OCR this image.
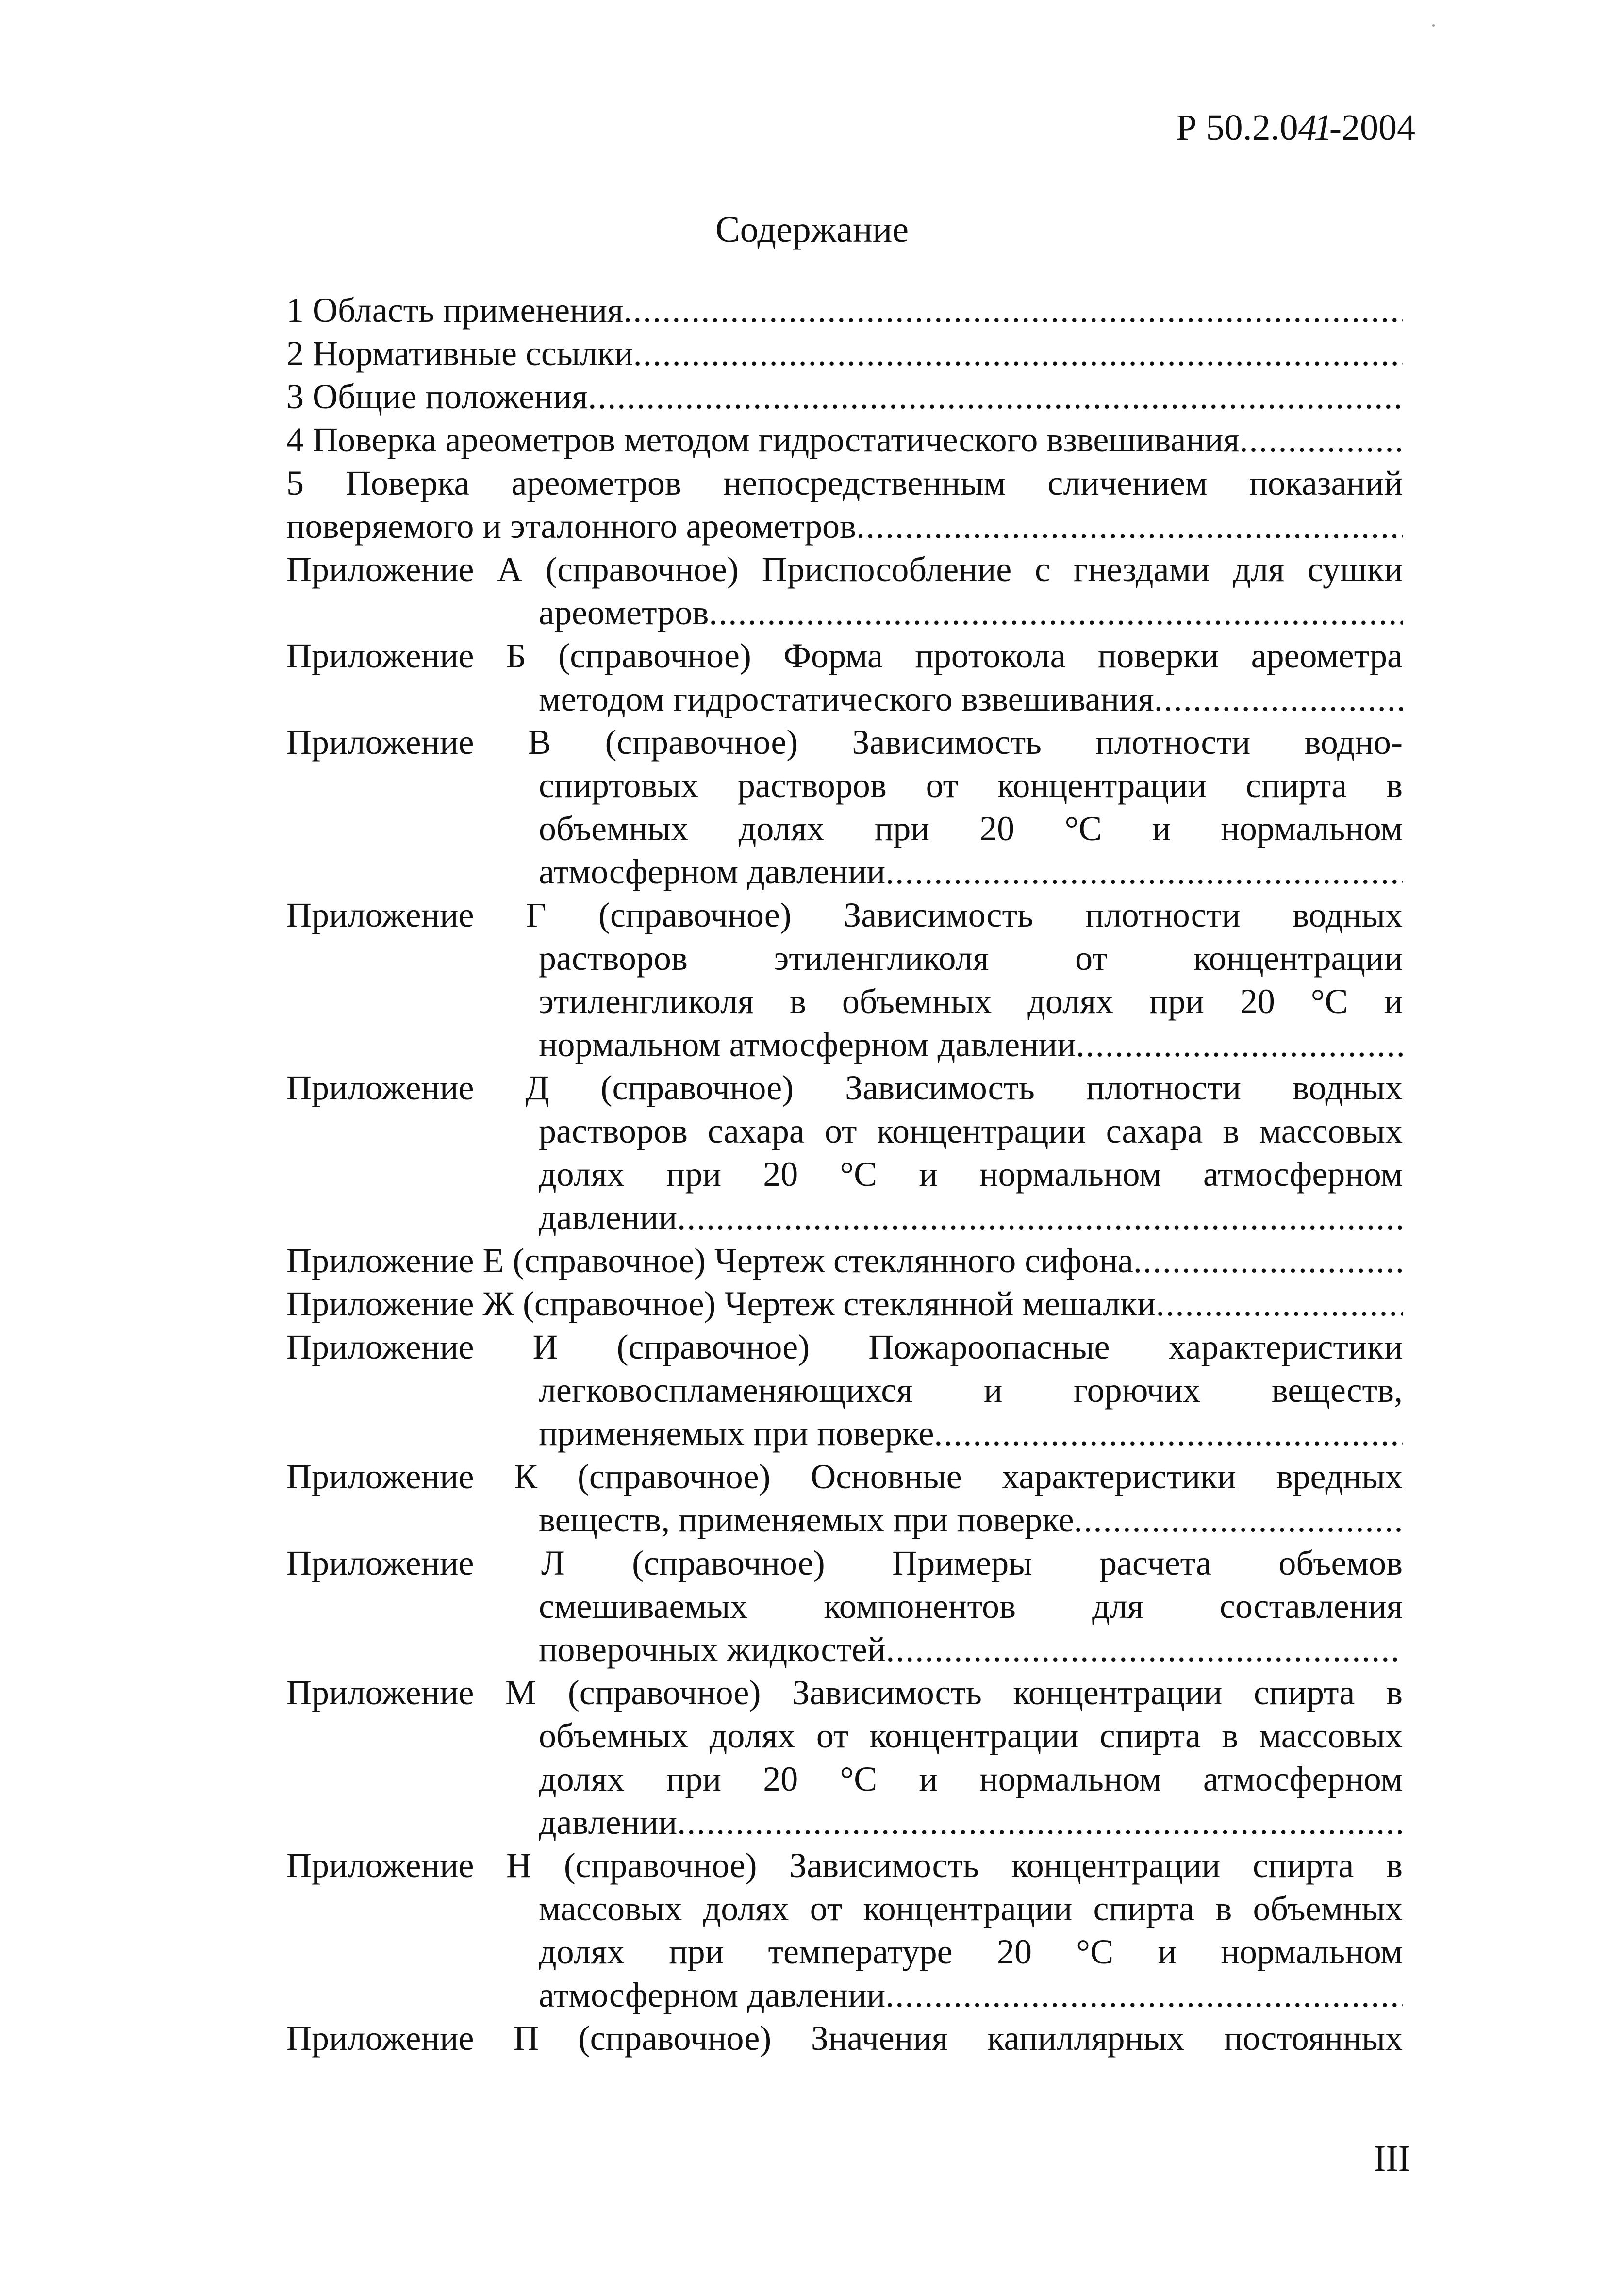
Р 50.2.041-2004
Содержание
1 Область применения
.....
2 Нормативные ссылки
.....
3 Общие положения
.....
4 Поверка ареометров методом гидростатического взвешивания
.....
5 Поверка ареометров непосредственным сличением показаний
поверяемого и эталонного ареометров
.....
Приложение А (справочное) Приспособление с гнездами для сушки
ареометров
.....
Приложение Б (справочное) Форма протокола поверки ареометра
методом гидростатического взвешивания
.....
Приложение В (справочное) Зависимость плотности водно-
спиртовых растворов от концентрации спирта в
объемных долях при 20 °С и нормальном
атмосферном давлении
.....
Приложение Г (справочное) Зависимость плотности водных
растворов этиленгликоля от концентрации
этиленгликоля в объемных долях при 20 °С и
нормальном атмосферном давлении
.....
Приложение Д (справочное) Зависимость плотности водных
растворов сахара от концентрации сахара в массовых
долях при 20 °С и нормальном атмосферном
давлении
.....
Приложение Е (справочное) Чертеж стеклянного сифона
.....
Приложение Ж (справочное) Чертеж стеклянной мешалки
.....
Приложение И (справочное) Пожароопасные характеристики
легковоспламеняющихся и горючих веществ,
применяемых при поверке
.....
Приложение К (справочное) Основные характеристики вредных
веществ, применяемых при поверке
.....
Приложение Л (справочное) Примеры расчета объемов
смешиваемых компонентов для составления
поверочных жидкостей
.....
Приложение М (справочное) Зависимость концентрации спирта в
объемных долях от концентрации спирта в массовых
долях при 20 °С и нормальном атмосферном
давлении
.....
Приложение Н (справочное) Зависимость концентрации спирта в
массовых долях от концентрации спирта в объемных
долях при температуре 20 °С и нормальном
атмосферном давлении
.....
Приложение П (справочное) Значения капиллярных постоянных
III
